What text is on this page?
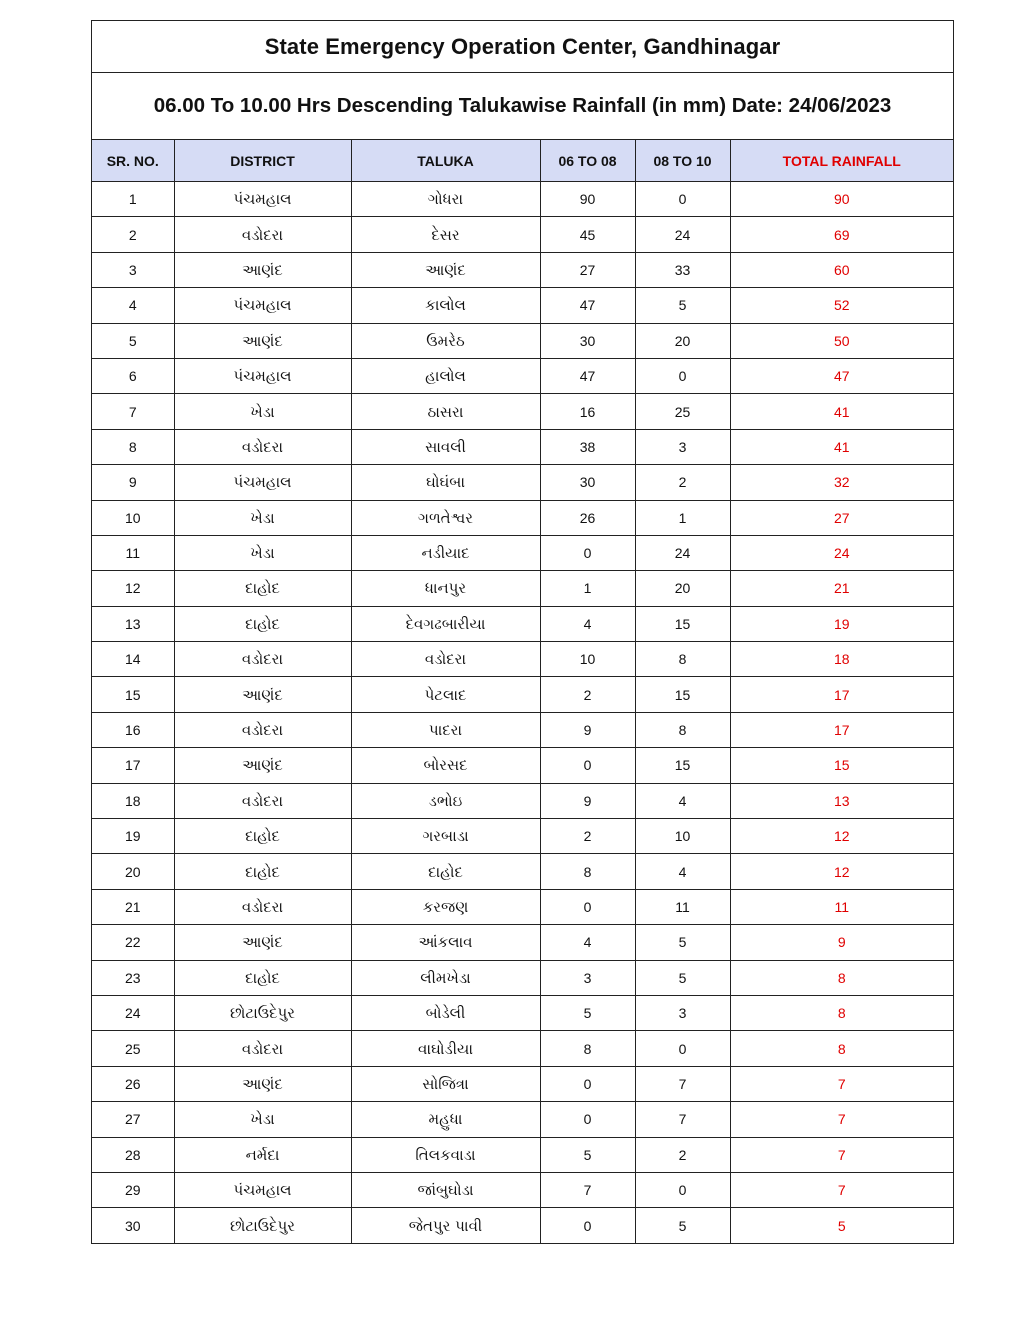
State Emergency Operation Center, Gandhinagar
06.00 To 10.00 Hrs Descending Talukawise Rainfall (in mm) Date: 24/06/2023
SR. NO.	DISTRICT	TALUKA	06 TO 08	08 TO 10	TOTAL RAINFALL
1	પંચમહાલ	ગોધરા	90	0	90
2	વડોદરા	દેસર	45	24	69
3	આણંદ	આણંદ	27	33	60
4	પંચમહાલ	કાલોલ	47	5	52
5	આણંદ	ઉમરેઠ	30	20	50
6	પંચમહાલ	હાલોલ	47	0	47
7	ખેડા	ઠાસરા	16	25	41
8	વડોદરા	સાવલી	38	3	41
9	પંચમહાલ	ઘોઘંબા	30	2	32
10	ખેડા	ગળતેશ્વર	26	1	27
11	ખેડા	નડીયાદ	0	24	24
12	દાહોદ	ધાનપુર	1	20	21
13	દાહોદ	દેવગઢબારીયા	4	15	19
14	વડોદરા	વડોદરા	10	8	18
15	આણંદ	પેટલાદ	2	15	17
16	વડોદરા	પાદરા	9	8	17
17	આણંદ	બોરસદ	0	15	15
18	વડોદરા	ડભોઇ	9	4	13
19	દાહોદ	ગરબાડા	2	10	12
20	દાહોદ	દાહોદ	8	4	12
21	વડોદરા	કરજણ	0	11	11
22	આણંદ	આંકલાવ	4	5	9
23	દાહોદ	લીમખેડા	3	5	8
24	છોટાઉદેપુર	બોડેલી	5	3	8
25	વડોદરા	વાઘોડીયા	8	0	8
26	આણંદ	સોજિત્રા	0	7	7
27	ખેડા	મહુધા	0	7	7
28	નર્મદા	તિલકવાડા	5	2	7
29	પંચમહાલ	જાંબુઘોડા	7	0	7
30	છોટાઉદેપુર	જેતપુર પાવી	0	5	5
